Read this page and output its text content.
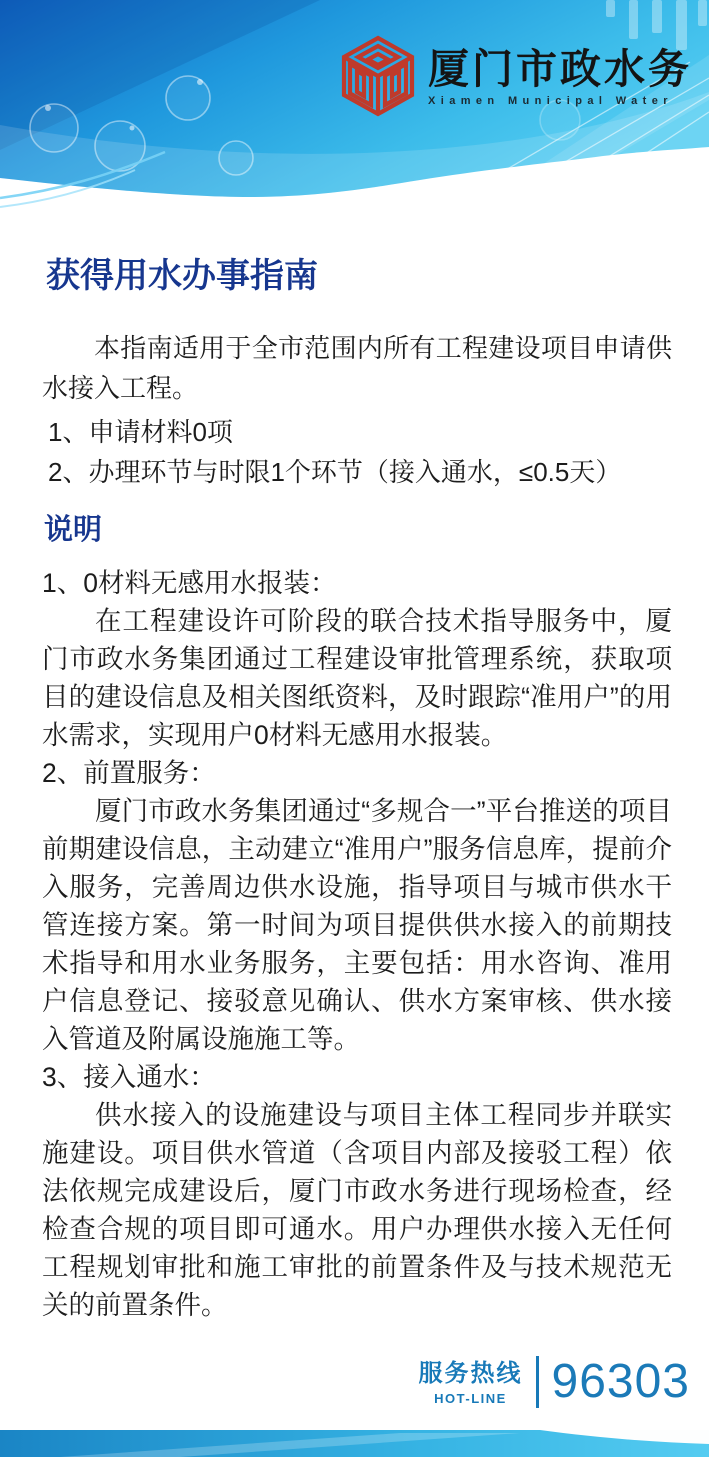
厦门市政水务
Xiamen Municipal Water
获得用水办事指南

本指南适用于全市范围内所有工程建设项目申请供水接入工程。

1、申请材料0项
2、办理环节与时限1个环节（接入通水，≤0.5天）
说明

1、0材料无感用水报装：

在工程建设许可阶段的联合技术指导服务中，厦门市政水务集团通过工程建设审批管理系统，获取项目的建设信息及相关图纸资料，及时跟踪“准用户”的用水需求，实现用户0材料无感用水报装。

2、前置服务：

厦门市政水务集团通过“多规合一”平台推送的项目前期建设信息，主动建立“准用户”服务信息库，提前介入服务，完善周边供水设施，指导项目与城市供水干管连接方案。第一时间为项目提供供水接入的前期技术指导和用水业务服务，主要包括：用水咨询、准用户信息登记、接驳意见确认、供水方案审核、供水接入管道及附属设施施工等。

3、接入通水：

供水接入的设施建设与项目主体工程同步并联实施建设。项目供水管道（含项目内部及接驳工程）依法依规完成建设后，厦门市政水务进行现场检查，经检查合规的项目即可通水。用户办理供水接入无任何工程规划审批和施工审批的前置条件及与技术规范无关的前置条件。

服务热线
HOT-LINE 96303
